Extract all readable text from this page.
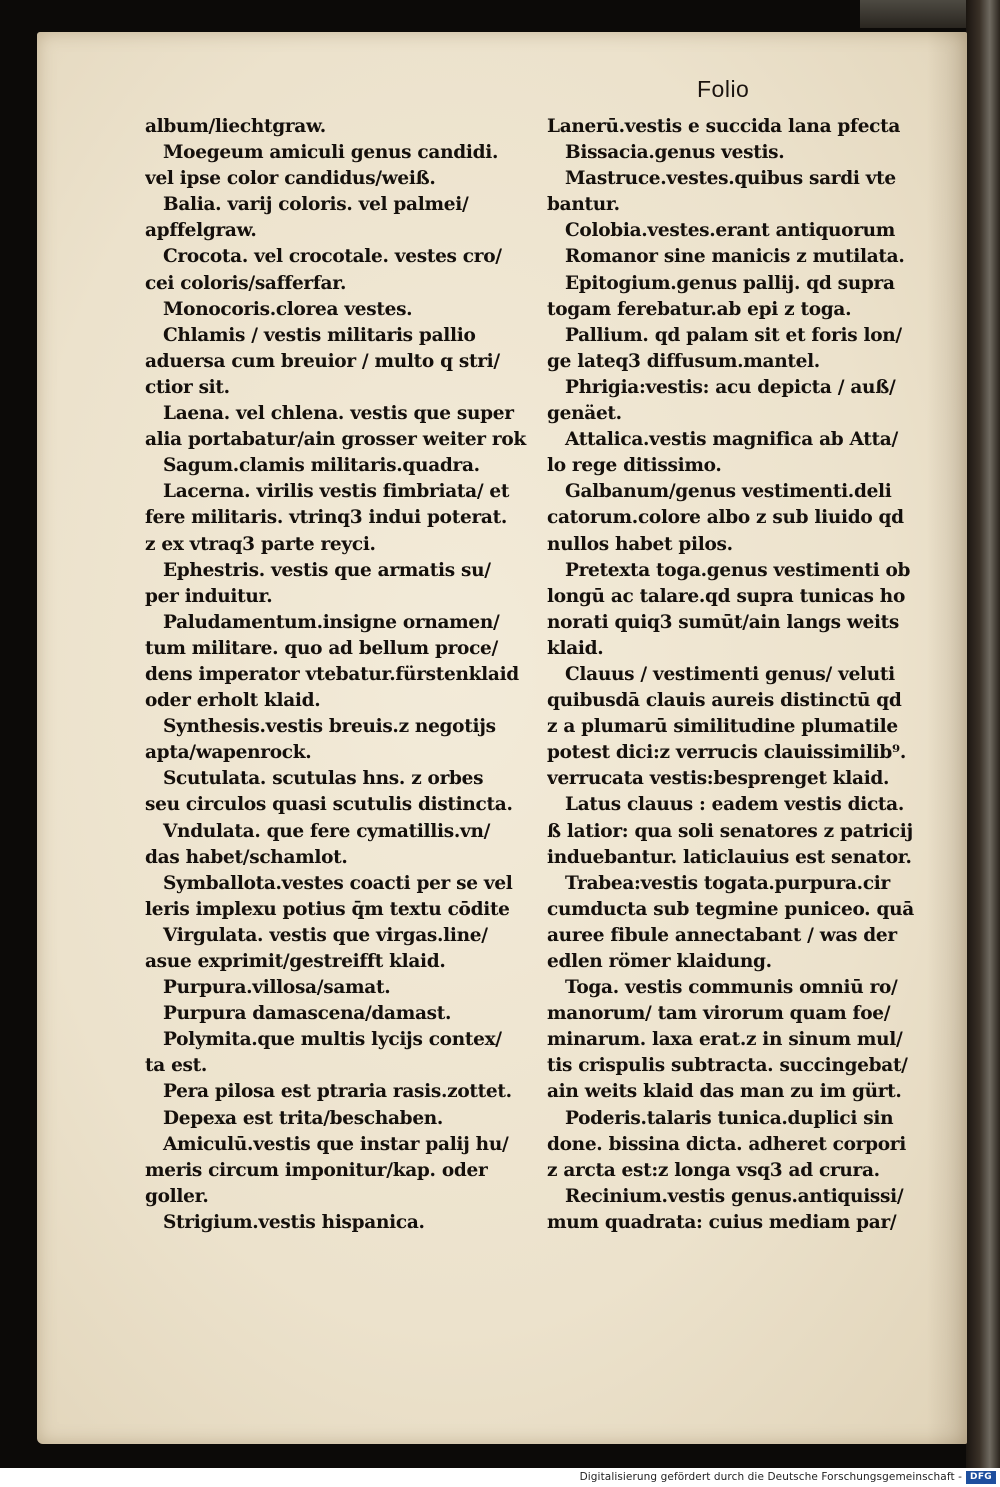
Folio
album/liechtgraw.
Moegeum amiculi genus candidi.
vel ipse color candidus/weiß.
Balia. varij coloris. vel palmei/
apffelgraw.
Crocota. vel crocotale. vestes cro/
cei coloris/safferfar.
Monocoris.clorea vestes.
Chlamis / vestis militaris pallio
aduersa cum breuior / multo q stri/
ctior sit.
Laena. vel chlena. vestis que super
alia portabatur/ain grosser weiter rok
Sagum.clamis militaris.quadra.
Lacerna. virilis vestis fimbriata/ et
fere militaris. vtrinq3 indui poterat.
z ex vtraq3 parte reyci.
Ephestris. vestis que armatis su/
per induitur.
Paludamentum.insigne ornamen/
tum militare. quo ad bellum proce/
dens imperator vtebatur.fürstenklaid
oder erholt klaid.
Synthesis.vestis breuis.z negotijs
apta/wapenrock.
Scutulata. scutulas hns. z orbes
seu circulos quasi scutulis distincta.
Vndulata. que fere cymatillis.vn/
das habet/schamlot.
Symballota.vestes coacti per se vel
leris implexu potius q̄m textu cōdite
Virgulata. vestis que virgas.line/
asue exprimit/gestreifft klaid.
Purpura.villosa/samat.
Purpura damascena/damast.
Polymita.que multis lycijs contex/
ta est.
Pera pilosa est ptraria rasis.zottet.
Depexa est trita/beschaben.
Amiculū.vestis que instar palij hu/
meris circum imponitur/kap. oder
goller.
Strigium.vestis hispanica.
Lanerū.vestis e succida lana pfecta
Bissacia.genus vestis.
Mastruce.vestes.quibus sardi vte
bantur.
Colobia.vestes.erant antiquorum
Romanor sine manicis z mutilata.
Epitogium.genus pallij. qd supra
togam ferebatur.ab epi z toga.
Pallium. qd palam sit et foris lon/
ge lateq3 diffusum.mantel.
Phrigia:vestis: acu depicta / auß/
genäet.
Attalica.vestis magnifica ab Atta/
lo rege ditissimo.
Galbanum/genus vestimenti.deli
catorum.colore albo z sub liuido qd
nullos habet pilos.
Pretexta toga.genus vestimenti ob
longū ac talare.qd supra tunicas ho
norati quiq3 sumūt/ain langs weits
klaid.
Clauus / vestimenti genus/ veluti
quibusdā clauis aureis distinctū qd
z a plumarū similitudine plumatile
potest dici:z verrucis clauissimilib⁹.
verrucata vestis:besprenget klaid.
Latus clauus : eadem vestis dicta.
ß latior: qua soli senatores z patricij
induebantur. laticlauius est senator.
Trabea:vestis togata.purpura.cir
cumducta sub tegmine puniceo. quā
auree fibule annectabant / was der
edlen römer klaidung.
Toga. vestis communis omniū ro/
manorum/ tam virorum quam foe/
minarum. laxa erat.z in sinum mul/
tis crispulis subtracta. succingebat/
ain weits klaid das man zu im gürt.
Poderis.talaris tunica.duplici sin
done. bissina dicta. adheret corpori
z arcta est:z longa vsq3 ad crura.
Recinium.vestis genus.antiquissi/
mum quadrata: cuius mediam par/
Digitalisierung gefördert durch die Deutsche Forschungsgemeinschaft - DFG
